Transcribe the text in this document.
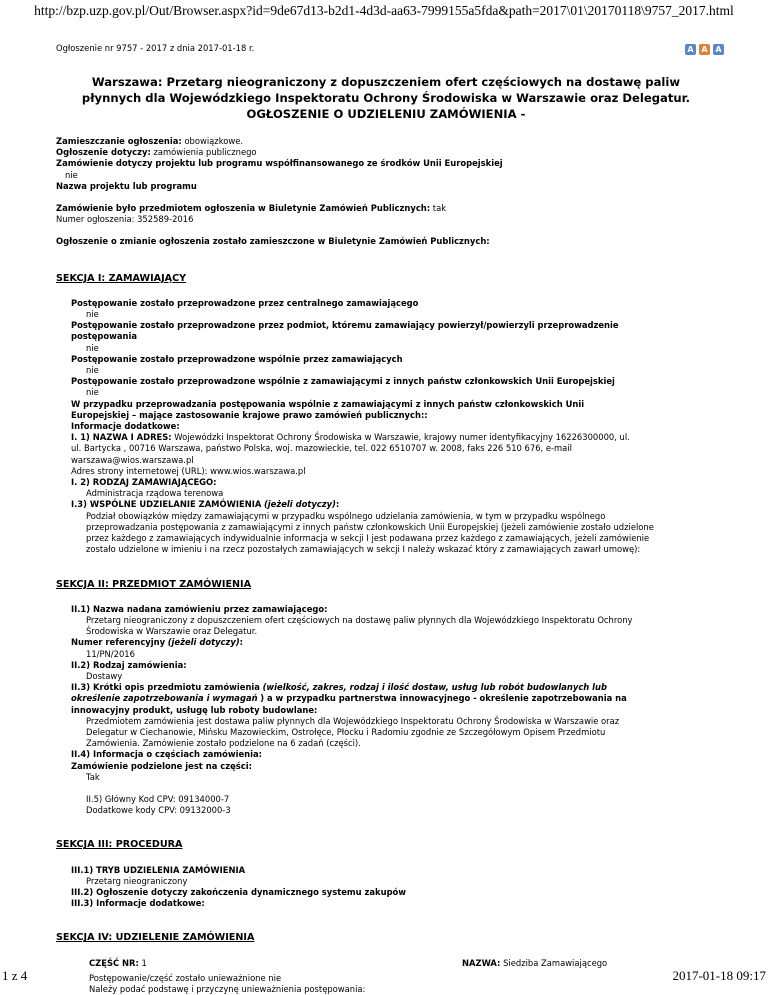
http://bzp.uzp.gov.pl/Out/Browser.aspx?id=9de67d13-b2d1-4d3d-aa63-7999155a5fda&path=2017\01\20170118\9757_2017.html
Ogłoszenie nr 9757 - 2017 z dnia 2017-01-18 r.	A A A
Warszawa: Przetarg nieograniczony z dopuszczeniem ofert częściowych na dostawę paliw
płynnych dla Wojewódzkiego Inspektoratu Ochrony Środowiska w Warszawie oraz Delegatur.
OGŁOSZENIE O UDZIELENIU ZAMÓWIENIA -

Zamieszczanie ogłoszenia: obowiązkowe.

Ogłoszenie dotyczy: zamówienia publicznego

Zamówienie dotyczy projektu lub programu współfinansowanego ze środków Unii Europejskiej

nie

Nazwa projektu lub programu

Zamówienie było przedmiotem ogłoszenia w Biuletynie Zamówień Publicznych: tak

Numer ogłoszenia: 352589-2016

Ogłoszenie o zmianie ogłoszenia zostało zamieszczone w Biuletynie Zamówień Publicznych:

SEKCJA I: ZAMAWIAJĄCY

Postępowanie zostało przeprowadzone przez centralnego zamawiającego

nie

Postępowanie zostało przeprowadzone przez podmiot, któremu zamawiający powierzył/powierzyli przeprowadzenie

postępowania

nie

Postępowanie zostało przeprowadzone wspólnie przez zamawiających

nie

Postępowanie zostało przeprowadzone wspólnie z zamawiającymi z innych państw członkowskich Unii Europejskiej

nie

W przypadku przeprowadzania postępowania wspólnie z zamawiającymi z innych państw członkowskich Unii

Europejskiej – mające zastosowanie krajowe prawo zamówień publicznych::

Informacje dodatkowe:

I. 1) NAZWA I ADRES: Wojewódzki Inspektorat Ochrony Środowiska w Warszawie, krajowy numer identyfikacyjny 16226300000, ul.

ul. Bartycka , 00716 Warszawa, państwo Polska, woj. mazowieckie, tel. 022 6510707 w. 2008, faks 226 510 676, e-mail

warszawa@wios.warszawa.pl

Adres strony internetowej (URL): www.wios.warszawa.pl

I. 2) RODZAJ ZAMAWIAJĄCEGO:

Administracja rządowa terenowa

I.3) WSPÓLNE UDZIELANIE ZAMÓWIENIA (jeżeli dotyczy):

Podział obowiązków między zamawiającymi w przypadku wspólnego udzielania zamówienia, w tym w przypadku wspólnego

przeprowadzania postępowania z zamawiającymi z innych państw członkowskich Unii Europejskiej (jeżeli zamówienie zostało udzielone

przez każdego z zamawiających indywidualnie informacja w sekcji I jest podawana przez każdego z zamawiających, jeżeli zamówienie

zostało udzielone w imieniu i na rzecz pozostałych zamawiających w sekcji I należy wskazać który z zamawiających zawarł umowę):

SEKCJA II: PRZEDMIOT ZAMÓWIENIA

II.1) Nazwa nadana zamówieniu przez zamawiającego:

Przetarg nieograniczony z dopuszczeniem ofert częściowych na dostawę paliw płynnych dla Wojewódzkiego Inspektoratu Ochrony

Środowiska w Warszawie oraz Delegatur.

Numer referencyjny (jeżeli dotyczy):

11/PN/2016

II.2) Rodzaj zamówienia:

Dostawy

II.3) Krótki opis przedmiotu zamówienia (wielkość, zakres, rodzaj i ilość dostaw, usług lub robót budowlanych lub

określenie zapotrzebowania i wymagań ) a w przypadku partnerstwa innowacyjnego - określenie zapotrzebowania na

innowacyjny produkt, usługę lub roboty budowlane:

Przedmiotem zamówienia jest dostawa paliw płynnych dla Wojewódzkiego Inspektoratu Ochrony Środowiska w Warszawie oraz

Delegatur w Ciechanowie, Mińsku Mazowieckim, Ostrołęce, Płocku i Radomiu zgodnie ze Szczegółowym Opisem Przedmiotu

Zamówienia. Zamówienie zostało podzielone na 6 zadań (części).

II.4) Informacja o częściach zamówienia:

Zamówienie podzielone jest na części:

Tak

II.5) Główny Kod CPV: 09134000-7

Dodatkowe kody CPV: 09132000-3

SEKCJA III: PROCEDURA

III.1) TRYB UDZIELENIA ZAMÓWIENIA

Przetarg nieograniczony

III.2) Ogłoszenie dotyczy zakończenia dynamicznego systemu zakupów

III.3) Informacje dodatkowe:

SEKCJA IV: UDZIELENIE ZAMÓWIENIA
CZĘŚĆ NR: 1	NAZWA: Siedziba Zamawiającego

Postępowanie/część zostało unieważnione nie

Należy podać podstawę i przyczynę unieważnienia postępowania:

1 z 4	2017-01-18 09:17
